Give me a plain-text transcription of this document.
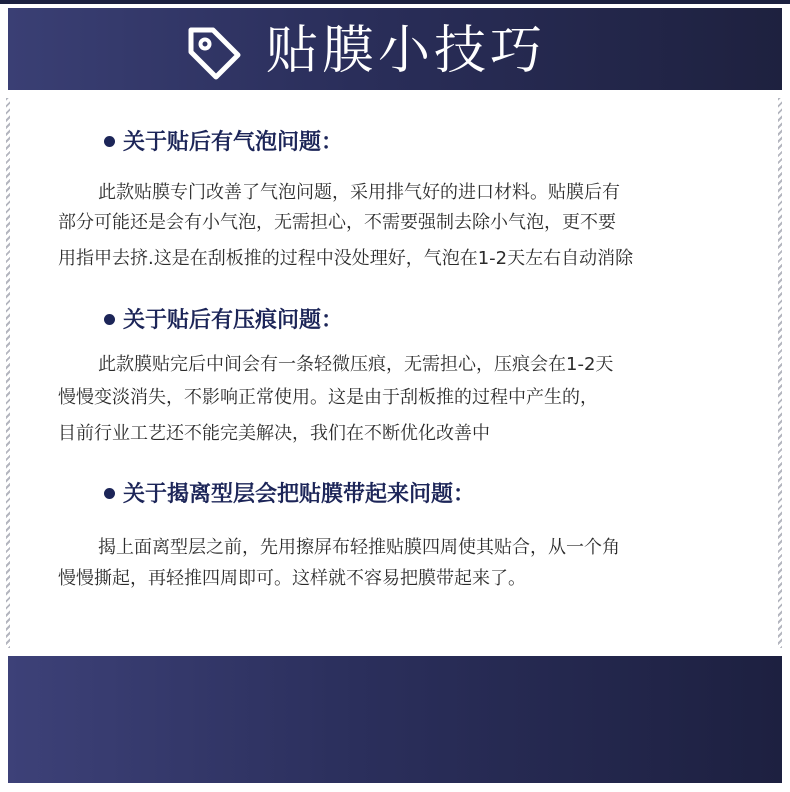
贴膜小技巧
关于贴后有气泡问题：
此款贴膜专门改善了气泡问题，采用排气好的进口材料。贴膜后有
部分可能还是会有小气泡，无需担心，不需要强制去除小气泡，更不要
用指甲去挤.这是在刮板推的过程中没处理好，气泡在1-2天左右自动消除
关于贴后有压痕问题：
此款膜贴完后中间会有一条轻微压痕，无需担心，压痕会在1-2天
慢慢变淡消失，不影响正常使用。这是由于刮板推的过程中产生的，
目前行业工艺还不能完美解决，我们在不断优化改善中
关于揭离型层会把贴膜带起来问题：
揭上面离型层之前，先用擦屏布轻推贴膜四周使其贴合，从一个角
慢慢撕起，再轻推四周即可。这样就不容易把膜带起来了。
